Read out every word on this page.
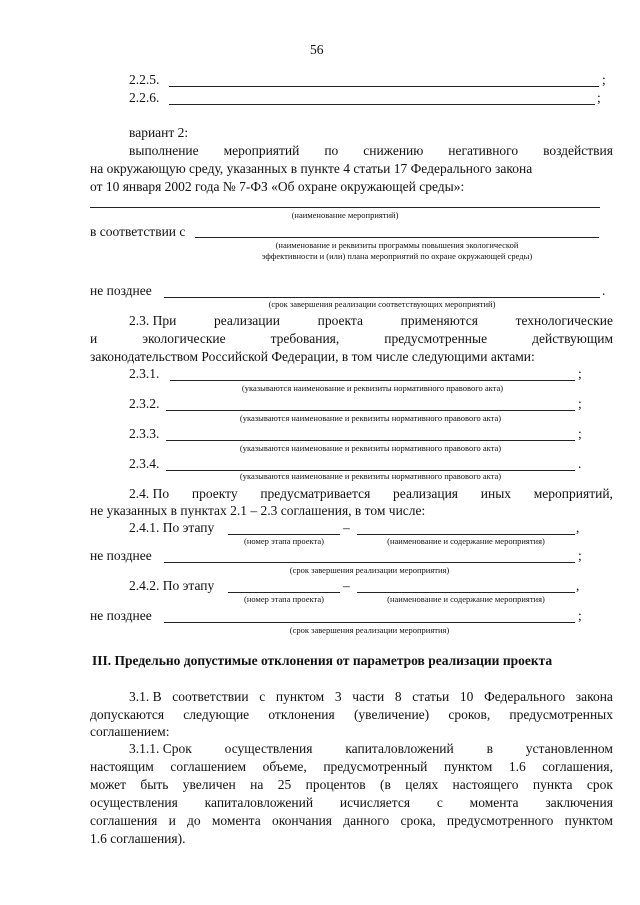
56
2.2.5.	;
2.2.6.	;
вариант 2:
выполнение мероприятий по снижению негативного воздействия
на окружающую среду, указанных в пункте 4 статьи 17 Федерального закона
от 10 января 2002 года № 7-ФЗ «Об охране окружающей среды»:
(наименование мероприятий)
в соответствии с
(наименование и реквизиты программы повышения экологической
эффективности и (или) плана мероприятий по охране окружающей среды)
не позднее	.
(срок завершения реализации соответствующих мероприятий)
2.3. При	реализации	проекта	применяются	технологические
и	экологические	требования,	предусмотренные	действующим
законодательством Российской Федерации, в том числе следующими актами:
2.3.1.	;
(указываются наименование и реквизиты нормативного правового акта)
2.3.2.	;
(указываются наименование и реквизиты нормативного правового акта)
2.3.3.	;
(указываются наименование и реквизиты нормативного правового акта)
2.3.4.	.
(указываются наименование и реквизиты нормативного правового акта)
2.4. По проекту предусматривается реализация иных мероприятий,
не указанных в пунктах 2.1 – 2.3 соглашения, в том числе:
2.4.1. По этапу	–	,
(номер этапа проекта)	(наименование и содержание мероприятия)
не позднее	;
(срок завершения реализации мероприятия)
2.4.2. По этапу	–	,
(номер этапа проекта)	(наименование и содержание мероприятия)
не позднее	;
(срок завершения реализации мероприятия)
III. Предельно допустимые отклонения от параметров реализации проекта
3.1. В соответствии с пунктом 3 части 8 статьи 10 Федерального закона
допускаются следующие отклонения (увеличение) сроков, предусмотренных
соглашением:
3.1.1. Срок осуществления капиталовложений в установленном
настоящим соглашением объеме, предусмотренный пунктом 1.6 соглашения,
может быть увеличен на 25 процентов (в целях настоящего пункта срок
осуществления капиталовложений исчисляется с момента заключения
соглашения и до момента окончания данного срока, предусмотренного пунктом
1.6 соглашения).
